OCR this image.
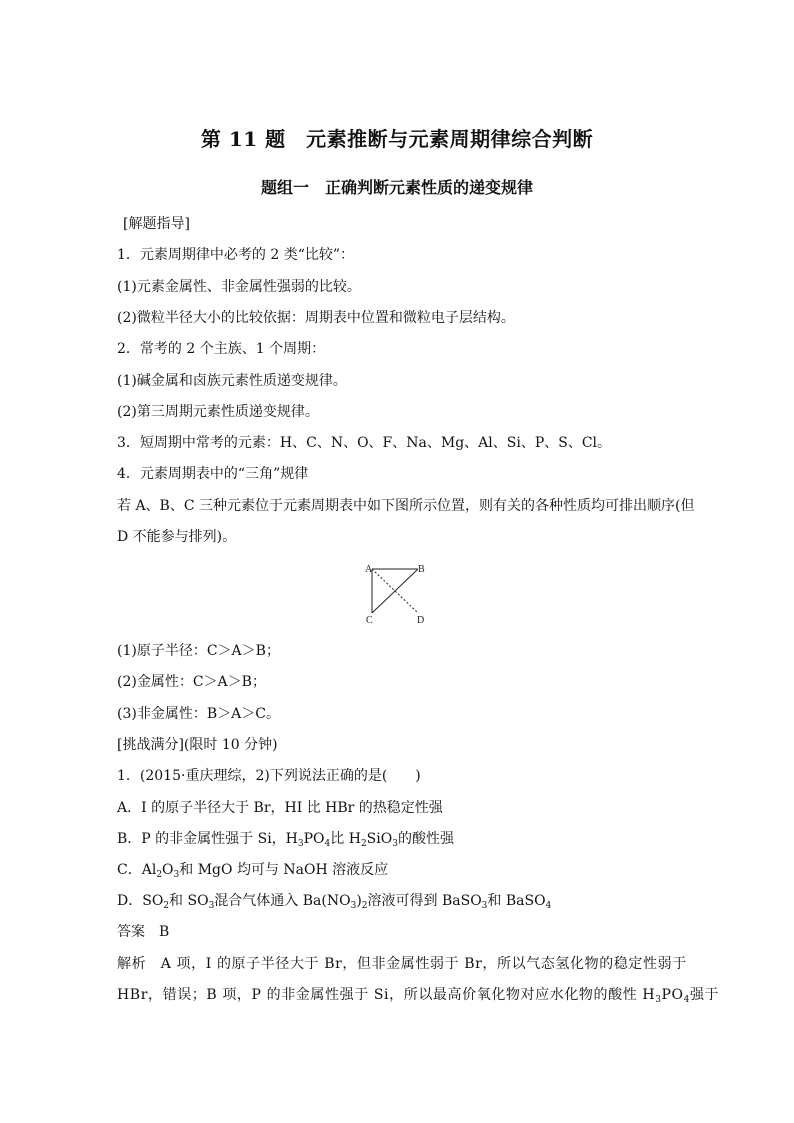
第 11 题　元素推断与元素周期律综合判断
题组一　正确判断元素性质的递变规律
[解题指导]
1．元素周期律中必考的 2 类“比较”：
(1)元素金属性、非金属性强弱的比较。
(2)微粒半径大小的比较依据：周期表中位置和微粒电子层结构。
2．常考的 2 个主族、1 个周期：
(1)碱金属和卤族元素性质递变规律。
(2)第三周期元素性质递变规律。
3．短周期中常考的元素：H、C、N、O、F、Na、Mg、Al、Si、P、S、Cl。
4．元素周期表中的“三角”规律
若 A、B、C 三种元素位于元素周期表中如下图所示位置，则有关的各种性质均可排出顺序(但
D 不能参与排列)。
A	B
C	D
(1)原子半径：C＞A＞B；
(2)金属性：C＞A＞B；
(3)非金属性：B＞A＞C。
[挑战满分](限时 10 分钟)
1．(2015·重庆理综，2)下列说法正确的是(　　)
A．I 的原子半径大于 Br，HI 比 HBr 的热稳定性强
B．P 的非金属性强于 Si，$H_3PO_4$比 $H_2SiO_3$的酸性强
C．$Al_2O_3$和 MgO 均可与 NaOH 溶液反应
D．$SO_2$和 $SO_3$混合气体通入 $Ba(NO_3)_2$溶液可得到 BaSO$_3$和 BaSO$_4$
答案　B
解析　A 项，I 的原子半径大于 Br，但非金属性弱于 Br，所以气态氢化物的稳定性弱于
HBr，错误；B 项，P 的非金属性强于 Si，所以最高价氧化物对应水化物的酸性 $H_3PO_4$强于
